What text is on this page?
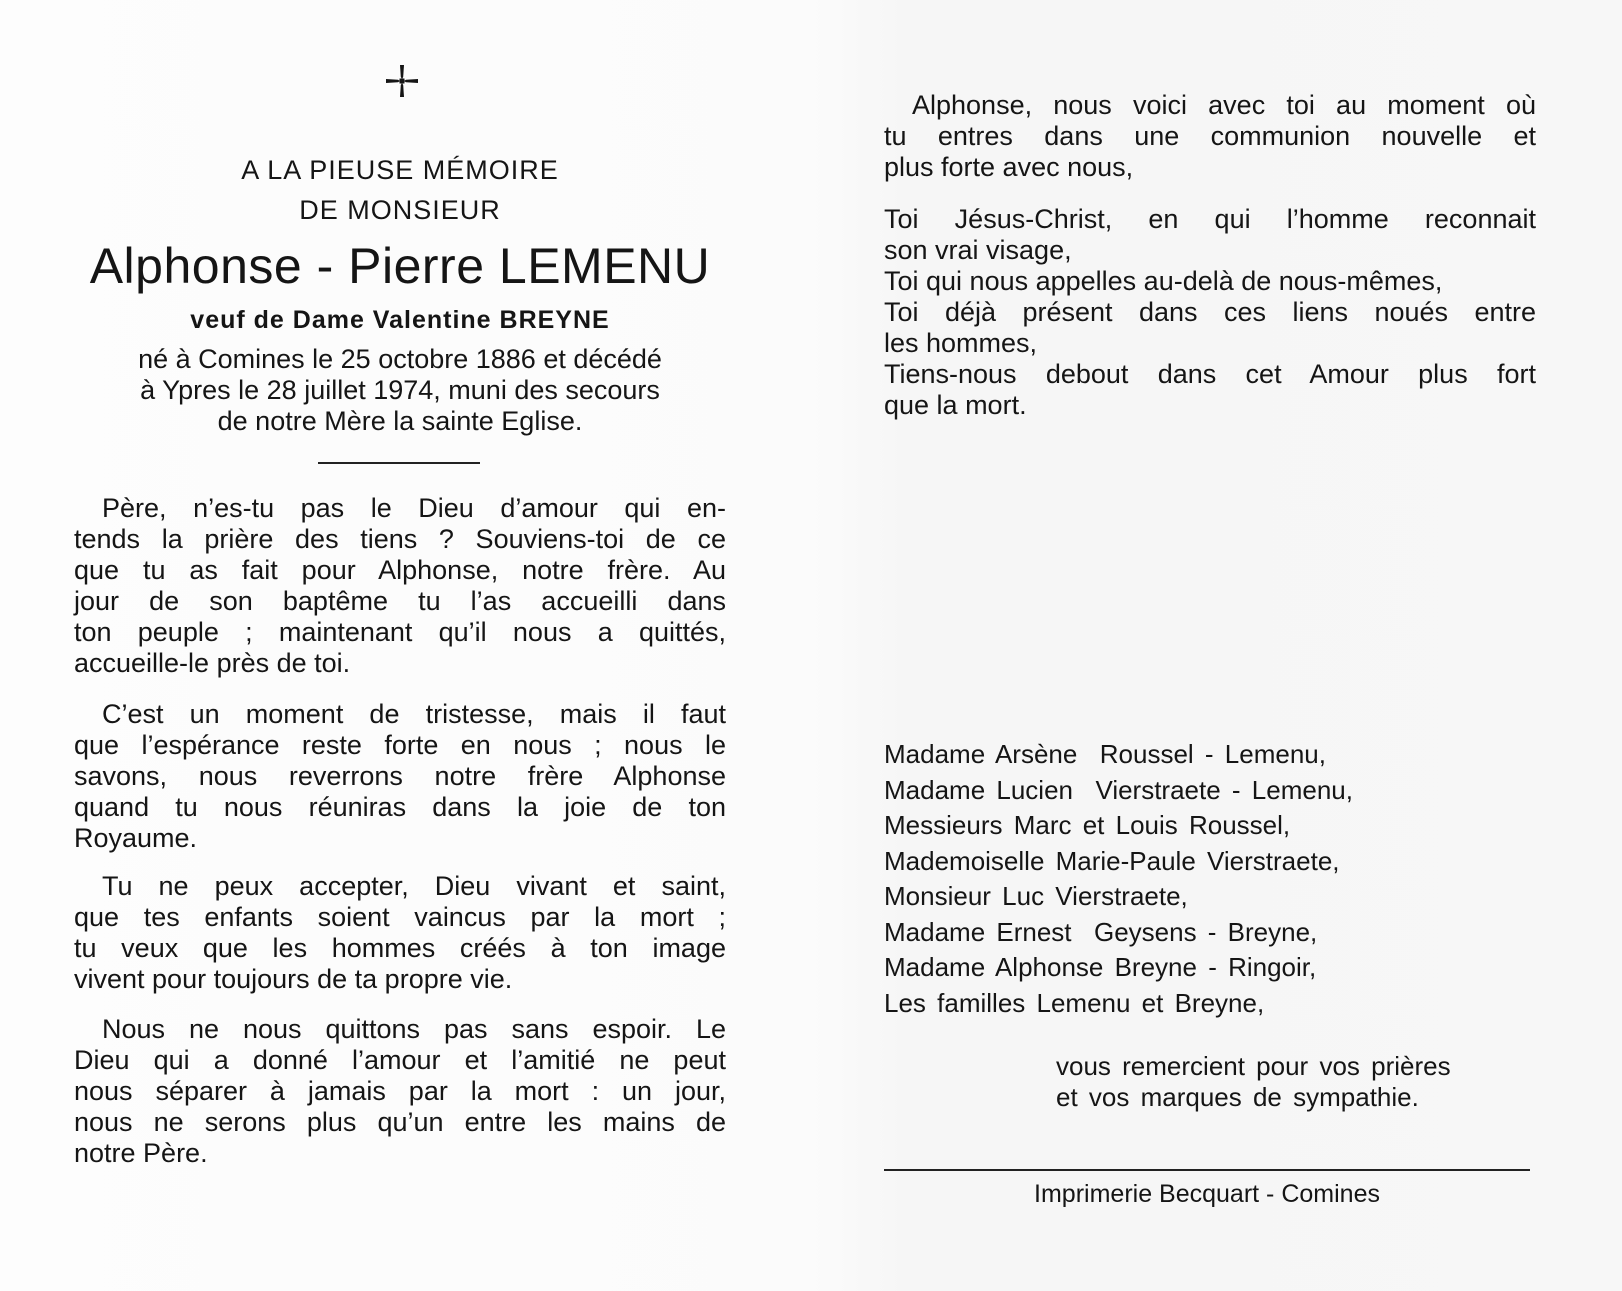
A LA PIEUSE MÉMOIRE
DE MONSIEUR
Alphonse - Pierre LEMENU
veuf de Dame Valentine BREYNE
né à Comines le 25 octobre 1886 et décédé
à Ypres le 28 juillet 1974, muni des secours
de notre Mère la sainte Eglise.
Père, n’es-tu pas le Dieu d’amour qui en-
tends la prière des tiens ? Souviens-toi de ce
que tu as fait pour Alphonse, notre frère. Au
jour de son baptême tu l’as accueilli dans
ton peuple ; maintenant qu’il nous a quittés,
accueille-le près de toi.
C’est un moment de tristesse, mais il faut
que l’espérance reste forte en nous ; nous le
savons, nous reverrons notre frère Alphonse
quand tu nous réuniras dans la joie de ton
Royaume.
Tu ne peux accepter, Dieu vivant et saint,
que tes enfants soient vaincus par la mort ;
tu veux que les hommes créés à ton image
vivent pour toujours de ta propre vie.
Nous ne nous quittons pas sans espoir. Le
Dieu qui a donné l’amour et l’amitié ne peut
nous séparer à jamais par la mort : un jour,
nous ne serons plus qu’un entre les mains de
notre Père.
Alphonse, nous voici avec toi au moment où
tu entres dans une communion nouvelle et
plus forte avec nous,
Toi Jésus-Christ, en qui l’homme reconnait
son vrai visage,
Toi qui nous appelles au-delà de nous-mêmes,
Toi déjà présent dans ces liens noués entre
les hommes,
Tiens-nous debout dans cet Amour plus fort
que la mort.
Madame Arsène  Roussel - Lemenu,
Madame Lucien  Vierstraete - Lemenu,
Messieurs Marc et Louis Roussel,
Mademoiselle Marie-Paule Vierstraete,
Monsieur Luc Vierstraete,
Madame Ernest  Geysens - Breyne,
Madame Alphonse Breyne - Ringoir,
Les familles Lemenu et Breyne,
vous remercient pour vos prières
et vos marques de sympathie.
Imprimerie Becquart - Comines
